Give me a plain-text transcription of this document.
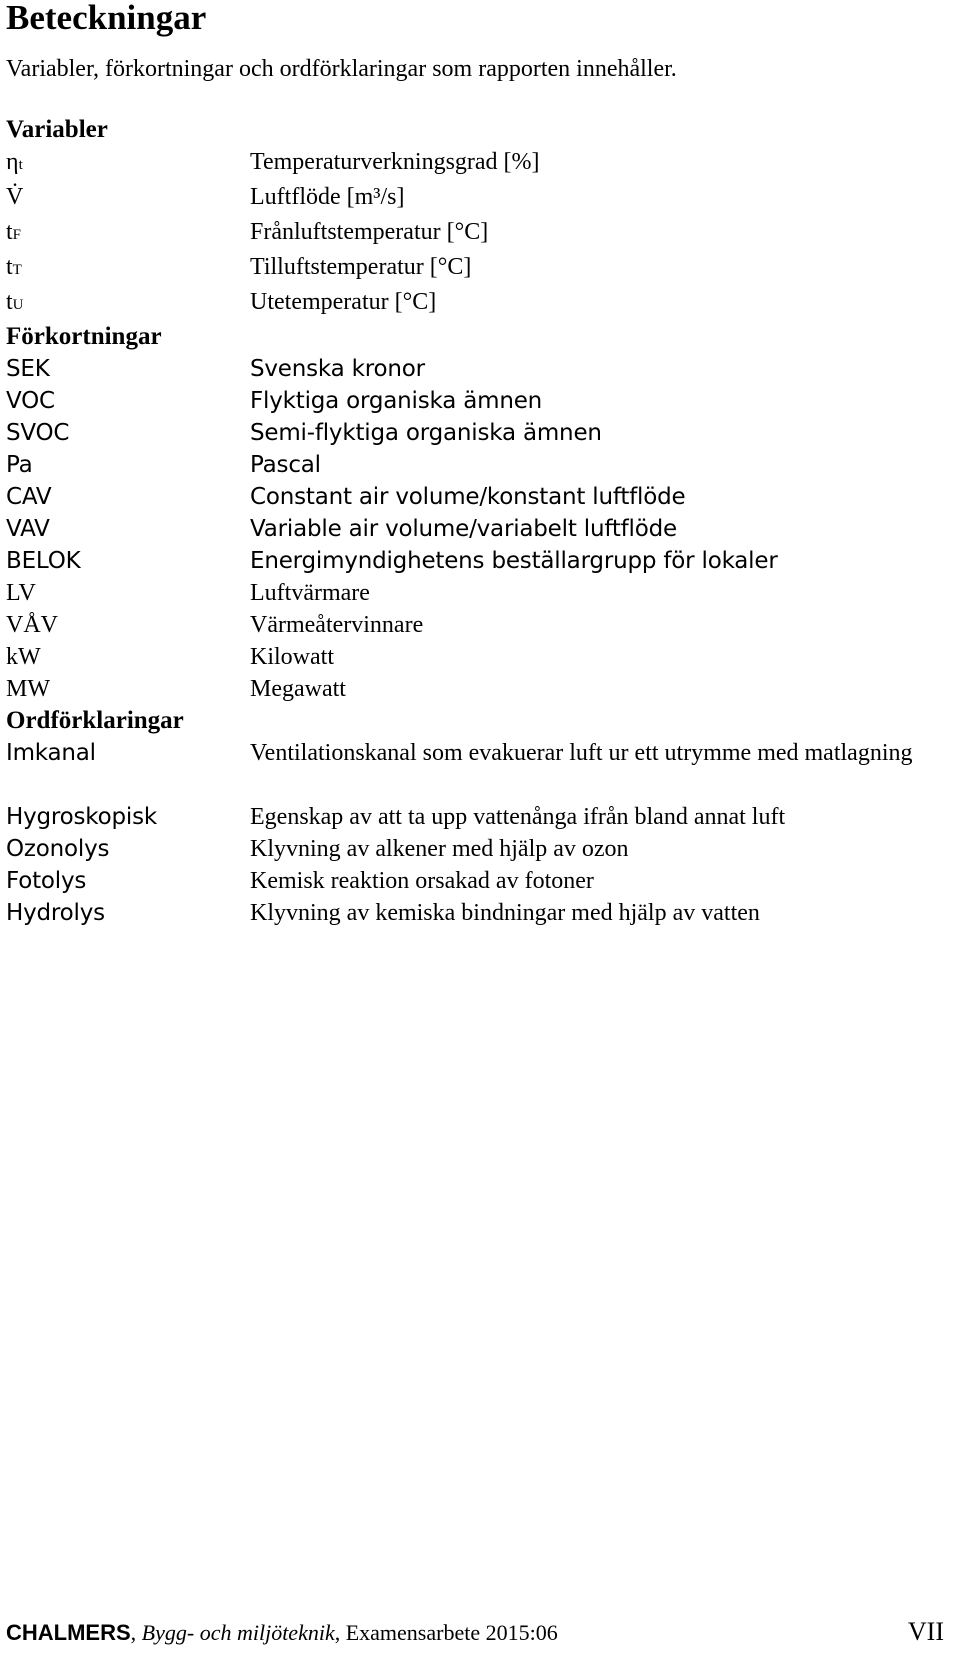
Beteckningar
Variabler, förkortningar och ordförklaringar som rapporten innehåller.
Variabler
ηt	Temperaturverkningsgrad [%]
V̇	Luftflöde [m³/s]
tF	Frånluftstemperatur [°C]
tT	Tilluftstemperatur [°C]
tU	Utetemperatur [°C]
Förkortningar
SEK	Svenska kronor
VOC	Flyktiga organiska ämnen
SVOC	Semi-flyktiga organiska ämnen
Pa	Pascal
CAV	Constant air volume/konstant luftflöde
VAV	Variable air volume/variabelt luftflöde
BELOK	Energimyndighetens beställargrupp för lokaler
LV	Luftvärmare
VÅV	Värmeåtervinnare
kW	Kilowatt
MW	Megawatt
Ordförklaringar
Imkanal	Ventilationskanal som evakuerar luft ur ett utrymme med matlagning
Hygroskopisk	Egenskap av att ta upp vattenånga ifrån bland annat luft
Ozonolys	Klyvning av alkener med hjälp av ozon
Fotolys	Kemisk reaktion orsakad av fotoner
Hydrolys	Klyvning av kemiska bindningar med hjälp av vatten
CHALMERS, Bygg- och miljöteknik, Examensarbete 2015:06	VII
